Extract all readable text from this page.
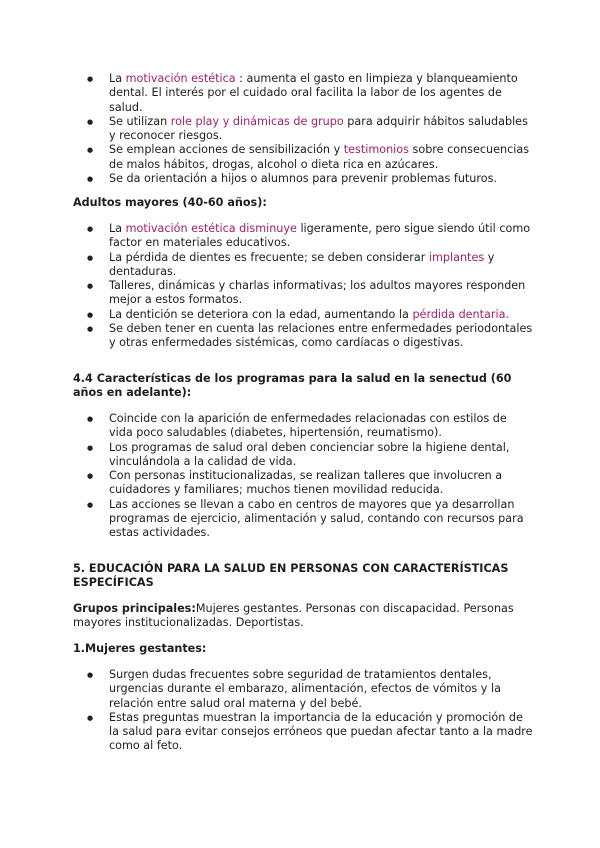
● La motivación estética : aumenta el gasto en limpieza y blanqueamiento dental. El interés por el cuidado oral facilita la labor de los agentes de salud.
● Se utilizan role play y dinámicas de grupo para adquirir hábitos saludables y reconocer riesgos.
● Se emplean acciones de sensibilización y testimonios sobre consecuencias de malos hábitos, drogas, alcohol o dieta rica en azúcares.
● Se da orientación a hijos o alumnos para prevenir problemas futuros.

Adultos mayores (40-60 años):

● La motivación estética disminuye ligeramente, pero sigue siendo útil como factor en materiales educativos.
● La pérdida de dientes es frecuente; se deben considerar implantes y dentaduras.
● Talleres, dinámicas y charlas informativas; los adultos mayores responden mejor a estos formatos.
● La dentición se deteriora con la edad, aumentando la pérdida dentaria.
● Se deben tener en cuenta las relaciones entre enfermedades periodontales y otras enfermedades sistémicas, como cardíacas o digestivas.

4.4 Características de los programas para la salud en la senectud (60 años en adelante):

● Coincide con la aparición de enfermedades relacionadas con estilos de vida poco saludables (diabetes, hipertensión, reumatismo).
● Los programas de salud oral deben concienciar sobre la higiene dental, vinculándola a la calidad de vida.
● Con personas institucionalizadas, se realizan talleres que involucren a cuidadores y familiares; muchos tienen movilidad reducida.
● Las acciones se llevan a cabo en centros de mayores que ya desarrollan programas de ejercicio, alimentación y salud, contando con recursos para estas actividades.

5. EDUCACIÓN PARA LA SALUD EN PERSONAS CON CARACTERÍSTICAS ESPECÍFICAS

Grupos principales:Mujeres gestantes. Personas con discapacidad. Personas mayores institucionalizadas. Deportistas.

1.Mujeres gestantes:

● Surgen dudas frecuentes sobre seguridad de tratamientos dentales, urgencias durante el embarazo, alimentación, efectos de vómitos y la relación entre salud oral materna y del bebé.
● Estas preguntas muestran la importancia de la educación y promoción de la salud para evitar consejos erróneos que puedan afectar tanto a la madre como al feto.
